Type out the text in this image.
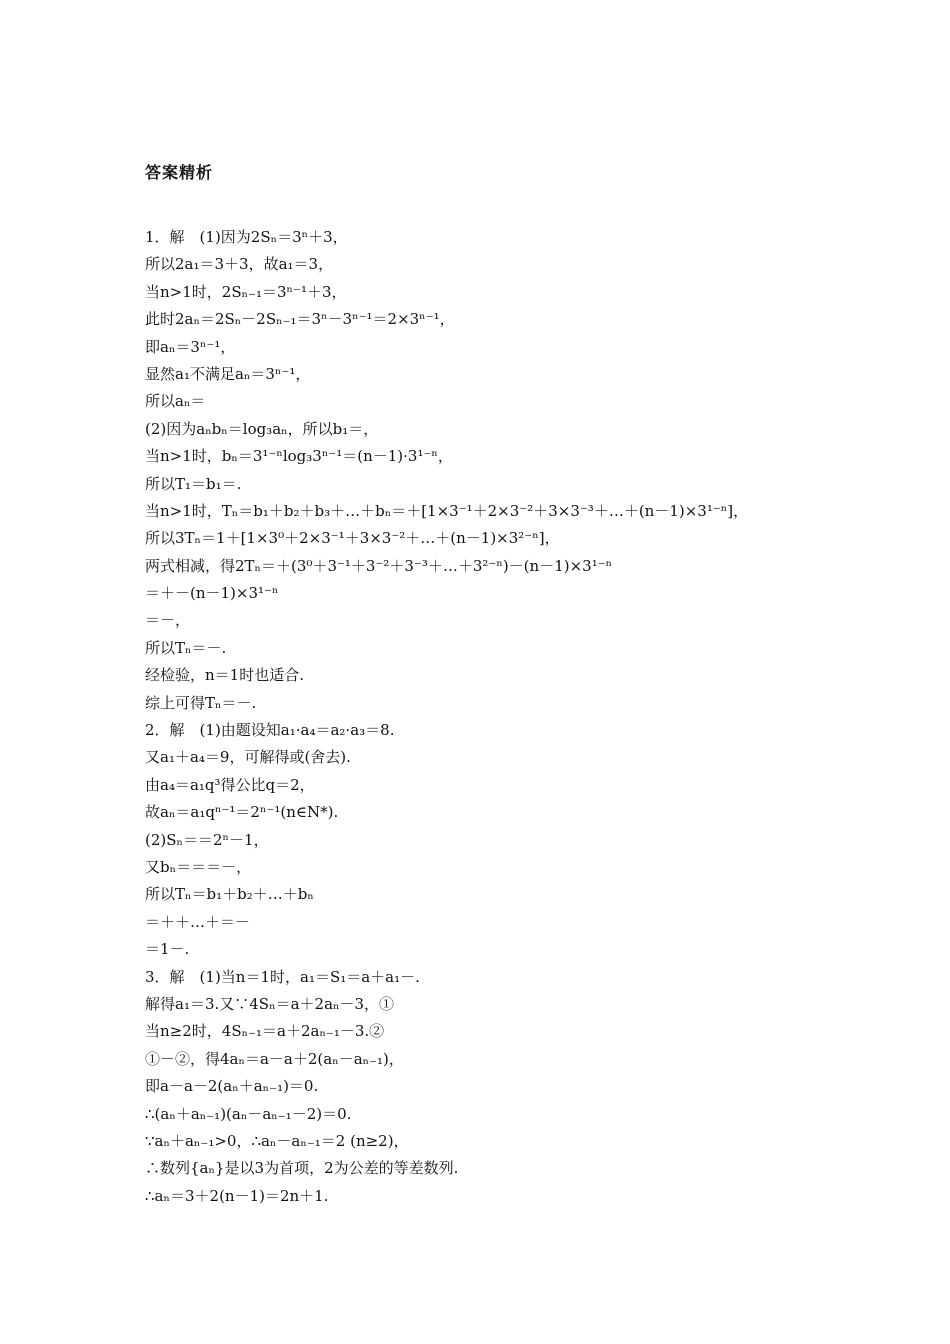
答案精析
1．解　(1)因为2Sₙ＝3ⁿ＋3，
所以2a₁＝3＋3，故a₁＝3，
当n>1时，2Sₙ₋₁＝3ⁿ⁻¹＋3，
此时2aₙ＝2Sₙ－2Sₙ₋₁＝3ⁿ－3ⁿ⁻¹＝2×3ⁿ⁻¹，
即aₙ＝3ⁿ⁻¹，
显然a₁不满足aₙ＝3ⁿ⁻¹，
所以aₙ＝
(2)因为aₙbₙ＝log₃aₙ，所以b₁＝，
当n>1时，bₙ＝3¹⁻ⁿlog₃3ⁿ⁻¹＝(n－1)·3¹⁻ⁿ，
所以T₁＝b₁＝.
当n>1时，Tₙ＝b₁＋b₂＋b₃＋…＋bₙ＝＋[1×3⁻¹＋2×3⁻²＋3×3⁻³＋…＋(n－1)×3¹⁻ⁿ]，
所以3Tₙ＝1＋[1×3⁰＋2×3⁻¹＋3×3⁻²＋…＋(n－1)×3²⁻ⁿ]，
两式相减，得2Tₙ＝＋(3⁰＋3⁻¹＋3⁻²＋3⁻³＋…＋3²⁻ⁿ)－(n－1)×3¹⁻ⁿ
＝＋－(n－1)×3¹⁻ⁿ
＝－，
所以Tₙ＝－.
经检验，n＝1时也适合.
综上可得Tₙ＝－.
2．解　(1)由题设知a₁·a₄＝a₂·a₃＝8.
又a₁＋a₄＝9，可解得或(舍去).
由a₄＝a₁q³得公比q＝2，
故aₙ＝a₁qⁿ⁻¹＝2ⁿ⁻¹(n∈N*).
(2)Sₙ＝＝2ⁿ－1，
又bₙ＝＝＝－，
所以Tₙ＝b₁＋b₂＋…＋bₙ
＝＋＋…＋＝－
＝1－.
3．解　(1)当n＝1时，a₁＝S₁＝a＋a₁－.
解得a₁＝3.又∵4Sₙ＝a＋2aₙ－3，①
当n≥2时，4Sₙ₋₁＝a＋2aₙ₋₁－3.②
①－②，得4aₙ＝a－a＋2(aₙ－aₙ₋₁)，
即a－a－2(aₙ＋aₙ₋₁)＝0.
∴(aₙ＋aₙ₋₁)(aₙ－aₙ₋₁－2)＝0.
∵aₙ＋aₙ₋₁>0，∴aₙ－aₙ₋₁＝2 (n≥2)，
∴数列{aₙ}是以3为首项，2为公差的等差数列.
∴aₙ＝3＋2(n－1)＝2n＋1.
